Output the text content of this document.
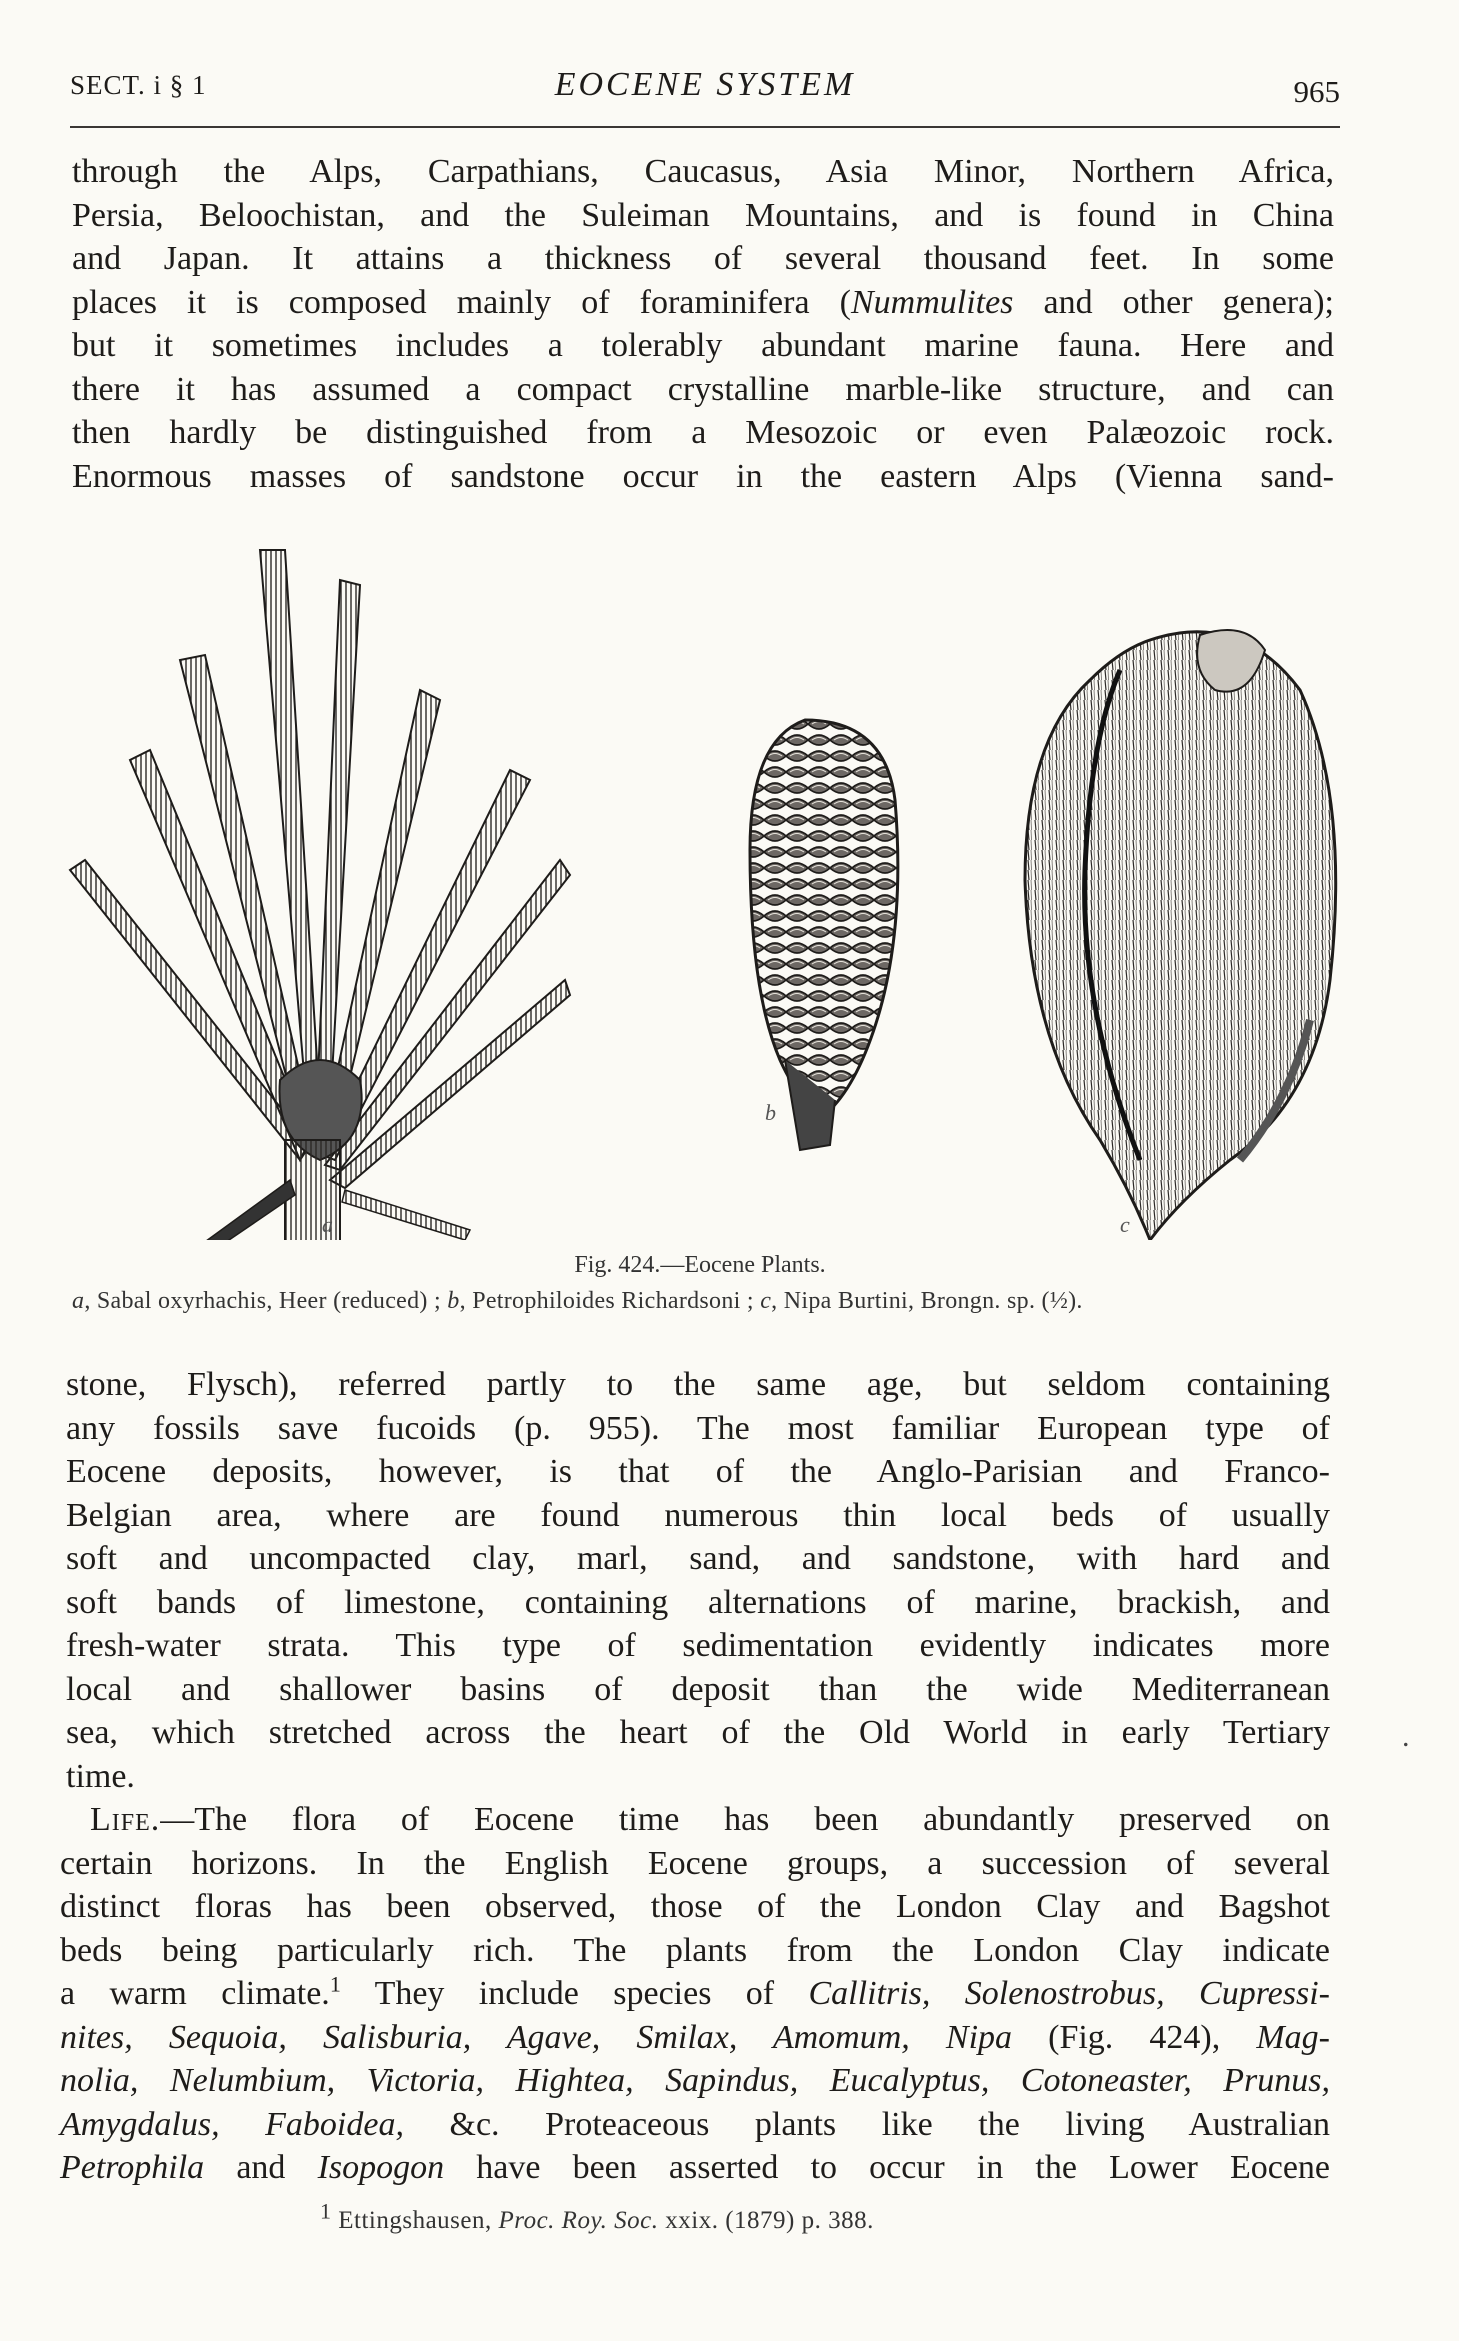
SECT. i § 1	EOCENE SYSTEM	965

through the Alps, Carpathians, Caucasus, Asia Minor, Northern Africa,

Persia, Beloochistan, and the Suleiman Mountains, and is found in China

and Japan. It attains a thickness of several thousand feet. In some

places it is composed mainly of foraminifera (Nummulites and other genera);

but it sometimes includes a tolerably abundant marine fauna. Here and

there it has assumed a compact crystalline marble-like structure, and can

then hardly be distinguished from a Mesozoic or even Palæozoic rock.

Enormous masses of sandstone occur in the eastern Alps (Vienna sand-

a
b
c
Fig. 424.—Eocene Plants.
a, Sabal oxyrhachis, Heer (reduced) ; b, Petrophiloides Richardsoni ; c, Nipa Burtini, Brongn. sp. (½).

stone, Flysch), referred partly to the same age, but seldom containing

any fossils save fucoids (p. 955). The most familiar European type of

Eocene deposits, however, is that of the Anglo-Parisian and Franco-

Belgian area, where are found numerous thin local beds of usually

soft and uncompacted clay, marl, sand, and sandstone, with hard and

soft bands of limestone, containing alternations of marine, brackish, and

fresh-water strata. This type of sedimentation evidently indicates more

local and shallower basins of deposit than the wide Mediterranean

sea, which stretched across the heart of the Old World in early Tertiary

time.

.

Life.—The flora of Eocene time has been abundantly preserved on

certain horizons. In the English Eocene groups, a succession of several

distinct floras has been observed, those of the London Clay and Bagshot

beds being particularly rich. The plants from the London Clay indicate

a warm climate.$^1$ They include species of Callitris, Solenostrobus, Cupressi-

nites, Sequoia, Salisburia, Agave, Smilax, Amomum, Nipa (Fig. 424), Mag-

nolia, Nelumbium, Victoria, Hightea, Sapindus, Eucalyptus, Cotoneaster, Prunus,

Amygdalus, Faboidea, &c. Proteaceous plants like the living Australian

Petrophila and Isopogon have been asserted to occur in the Lower Eocene

$^1$ Ettingshausen, Proc. Roy. Soc. xxix. (1879) p. 388.
